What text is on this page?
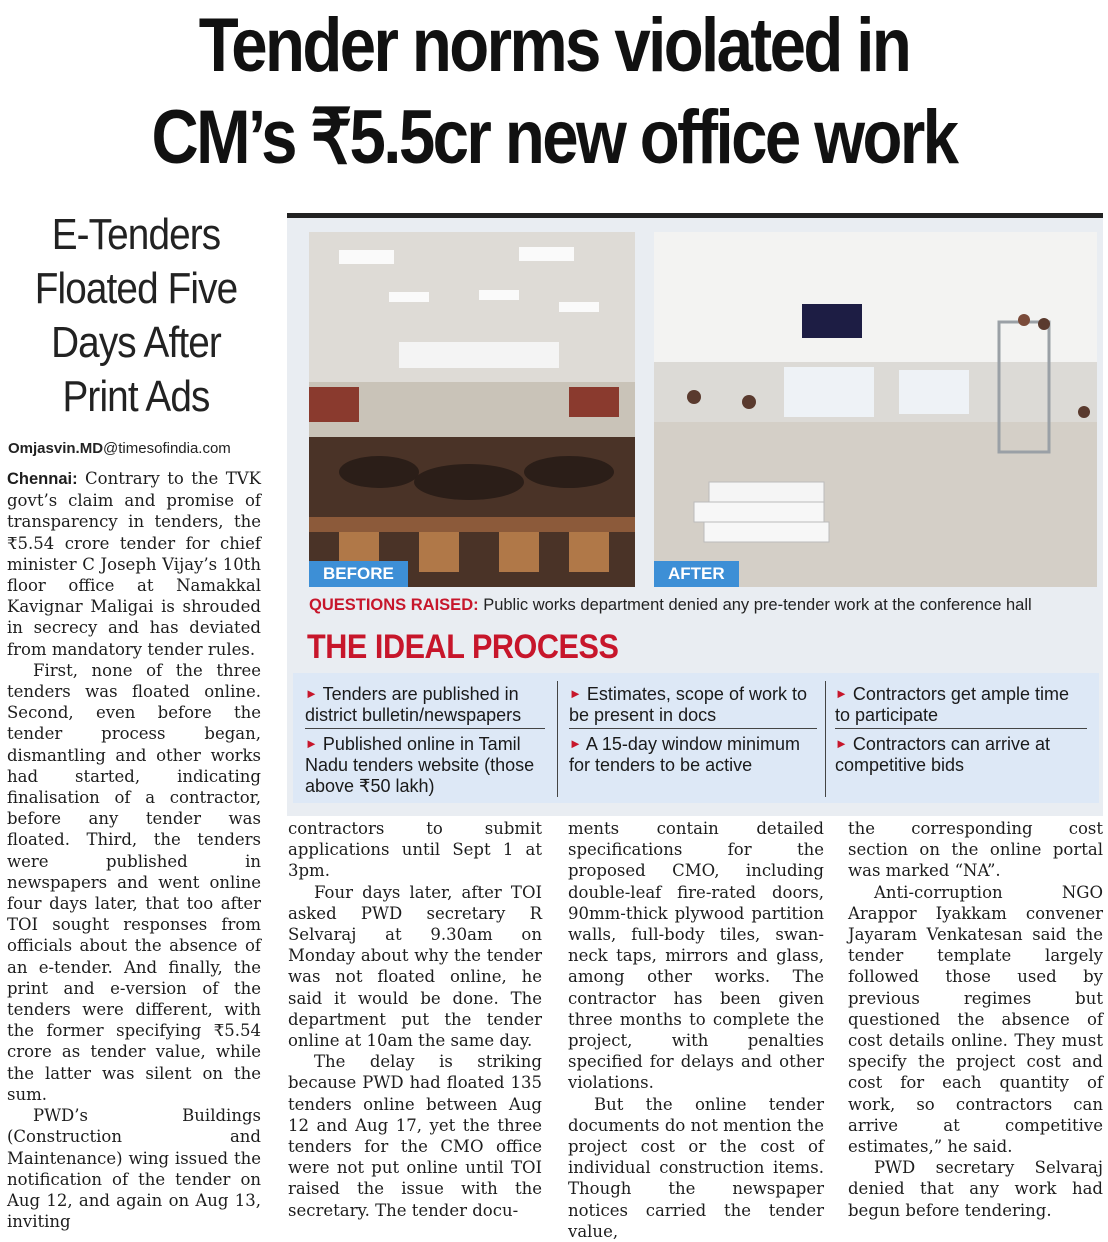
Tender norms violated in
CM’s ₹5.5cr new office work
E-Tenders
Floated Five
Days After
Print Ads
Omjasvin.MD@timesofindia.com

Chennai: Contrary to the TVK govt’s claim and promise of transparency in tenders, the ₹5.54 crore tender for chief minister C Joseph Vijay’s 10th floor office at Namakkal Kavignar Maligai is shrouded in secrecy and has deviated from mandatory tender rules.

First, none of the three tenders was floated online. Second, even before the tender process began, dismantling and other works had started, indicating finalisation of a contractor, before any tender was floated. Third, the tenders were published in newspapers and went online four days later, that too after TOI sought responses from officials about the absence of an e-tender. And finally, the print and e-version of the tenders were different, with the former specifying ₹5.54 crore as tender value, while the latter was silent on the sum.

PWD’s Buildings (Construction and Maintenance) wing issued the notification of the tender on Aug 12, and again on Aug 13, inviting

BEFORE	AFTER
QUESTIONS RAISED: Public works department denied any pre-tender work at the conference hall
THE IDEAL PROCESS
► Tenders are published in district bulletin/newspapers
► Estimates, scope of work to be present in docs
► Contractors get ample time to participate
► Published online in Tamil Nadu tenders website (those above ₹50 lakh)
► A 15-day window minimum for tenders to be active
► Contractors can arrive at competitive bids

contractors to submit applications until Sept 1 at 3pm.

Four days later, after TOI asked PWD secretary R Selvaraj at 9.30am on Monday about why the tender was not floated online, he said it would be done. The department put the tender online at 10am the same day.

The delay is striking because PWD had floated 135 tenders online between Aug 12 and Aug 17, yet the three tenders for the CMO office were not put online until TOI raised the issue with the secretary. The tender docu-

ments contain detailed specifications for the proposed CMO, including double-leaf fire-rated doors, 90mm-thick plywood partition walls, full-body tiles, swan-neck taps, mirrors and glass, among other works. The contractor has been given three months to complete the project, with penalties specified for delays and other violations.

But the online tender documents do not mention the project cost or the cost of individual construction items. Though the newspaper notices carried the tender value,

the corresponding cost section on the online portal was marked “NA”.

Anti-corruption NGO Arappor Iyakkam convener Jayaram Venkatesan said the tender template largely followed those used by previous regimes but questioned the absence of cost details online. They must specify the project cost and cost for each quantity of work, so contractors can arrive at competitive estimates,” he said.

PWD secretary Selvaraj denied that any work had begun before tendering.
